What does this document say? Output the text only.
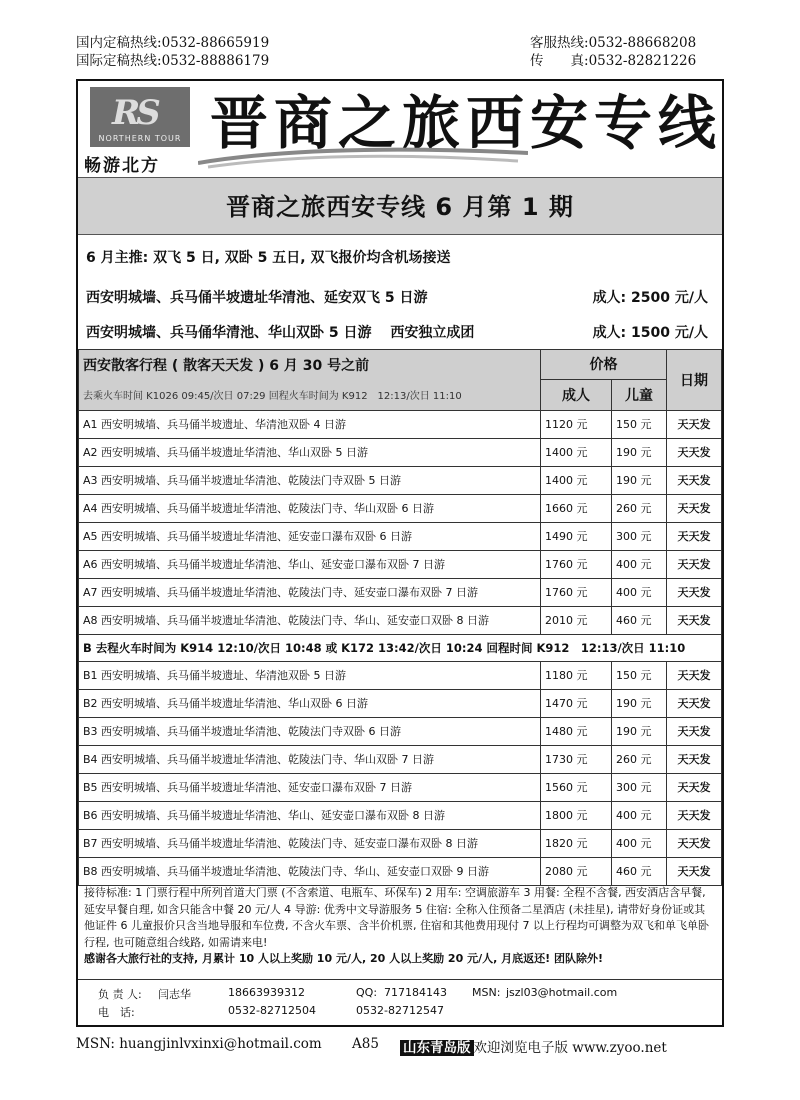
国内定稿热线:0532-88665919
国际定稿热线:0532-88886179
客服热线:0532-88668208
传　　真:0532-82821226
RS
NORTHERN TOUR
畅游北方
晋商之旅西安专线
晋商之旅西安专线 6 月第 1 期
6 月主推: 双飞 5 日, 双卧 5 五日, 双飞报价均含机场接送
西安明城墙、兵马俑半坡遗址华清池、延安双飞 5 日游	成人: 2500 元/人
西安明城墙、兵马俑华清池、华山双卧 5 日游　 西安独立成团	成人: 1500 元/人
西安散客行程 ( 散客天天发 ) 6 月 30 号之前	价格		日期
去乘火车时间 K1026 09:45/次日 07:29 回程火车时间为 K912　12:13/次日 11:10	成人	儿童	

A1 西安明城墙、兵马俑半坡遗址、华清池双卧 4 日游	1120 元	150 元	天天发
A2 西安明城墙、兵马俑半坡遗址华清池、华山双卧 5 日游	1400 元	190 元	天天发
A3 西安明城墙、兵马俑半坡遗址华清池、乾陵法门寺双卧 5 日游	1400 元	190 元	天天发
A4 西安明城墙、兵马俑半坡遗址华清池、乾陵法门寺、华山双卧 6 日游	1660 元	260 元	天天发
A5 西安明城墙、兵马俑半坡遗址华清池、延安壶口瀑布双卧 6 日游	1490 元	300 元	天天发
A6 西安明城墙、兵马俑半坡遗址华清池、华山、延安壶口瀑布双卧 7 日游	1760 元	400 元	天天发
A7 西安明城墙、兵马俑半坡遗址华清池、乾陵法门寺、延安壶口瀑布双卧 7 日游	1760 元	400 元	天天发
A8 西安明城墙、兵马俑半坡遗址华清池、乾陵法门寺、华山、延安壶口双卧 8 日游	2010 元	460 元	天天发
B 去程火车时间为 K914 12:10/次日 10:48 或 K172 13:42/次日 10:24 回程时间 K912　12:13/次日 11:10			
B1 西安明城墙、兵马俑半坡遗址、华清池双卧 5 日游	1180 元	150 元	天天发
B2 西安明城墙、兵马俑半坡遗址华清池、华山双卧 6 日游	1470 元	190 元	天天发
B3 西安明城墙、兵马俑半坡遗址华清池、乾陵法门寺双卧 6 日游	1480 元	190 元	天天发
B4 西安明城墙、兵马俑半坡遗址华清池、乾陵法门寺、华山双卧 7 日游	1730 元	260 元	天天发
B5 西安明城墙、兵马俑半坡遗址华清池、延安壶口瀑布双卧 7 日游	1560 元	300 元	天天发
B6 西安明城墙、兵马俑半坡遗址华清池、华山、延安壶口瀑布双卧 8 日游	1800 元	400 元	天天发
B7 西安明城墙、兵马俑半坡遗址华清池、乾陵法门寺、延安壶口瀑布双卧 8 日游	1820 元	400 元	天天发
B8 西安明城墙、兵马俑半坡遗址华清池、乾陵法门寺、华山、延安壶口双卧 9 日游	2080 元	460 元	天天发
接待标准: 1 门票行程中所列首道大门票 (不含索道、电瓶车、环保车) 2 用车: 空调旅游车 3 用餐: 全程不含餐, 西安酒店含早餐, 延安早餐自理, 如含只能含中餐 20 元/人 4 导游: 优秀中文导游服务 5 住宿: 全称入住预备二星酒店 (未挂星), 请带好身份证或其他证件 6 儿童报价只含当地导服和车位费, 不含火车票、含半价机票, 住宿和其他费用现付 7 以上行程均可调整为双飞和单飞单卧行程, 也可随意组合线路, 如需请来电!
感谢各大旅行社的支持, 月累计 10 人以上奖励 10 元/人, 20 人以上奖励 20 元/人, 月底返还! 团队除外!
负 责 人: 闫志华	18663939312	QQ: 717184143 MSN: jszl03@hotmail.com
电　话:	0532-82712504	0532-82712547
MSN: huangjinlvxinxi@hotmail.com A85 山东青岛版 欢迎浏览电子版 www.zyoo.net
